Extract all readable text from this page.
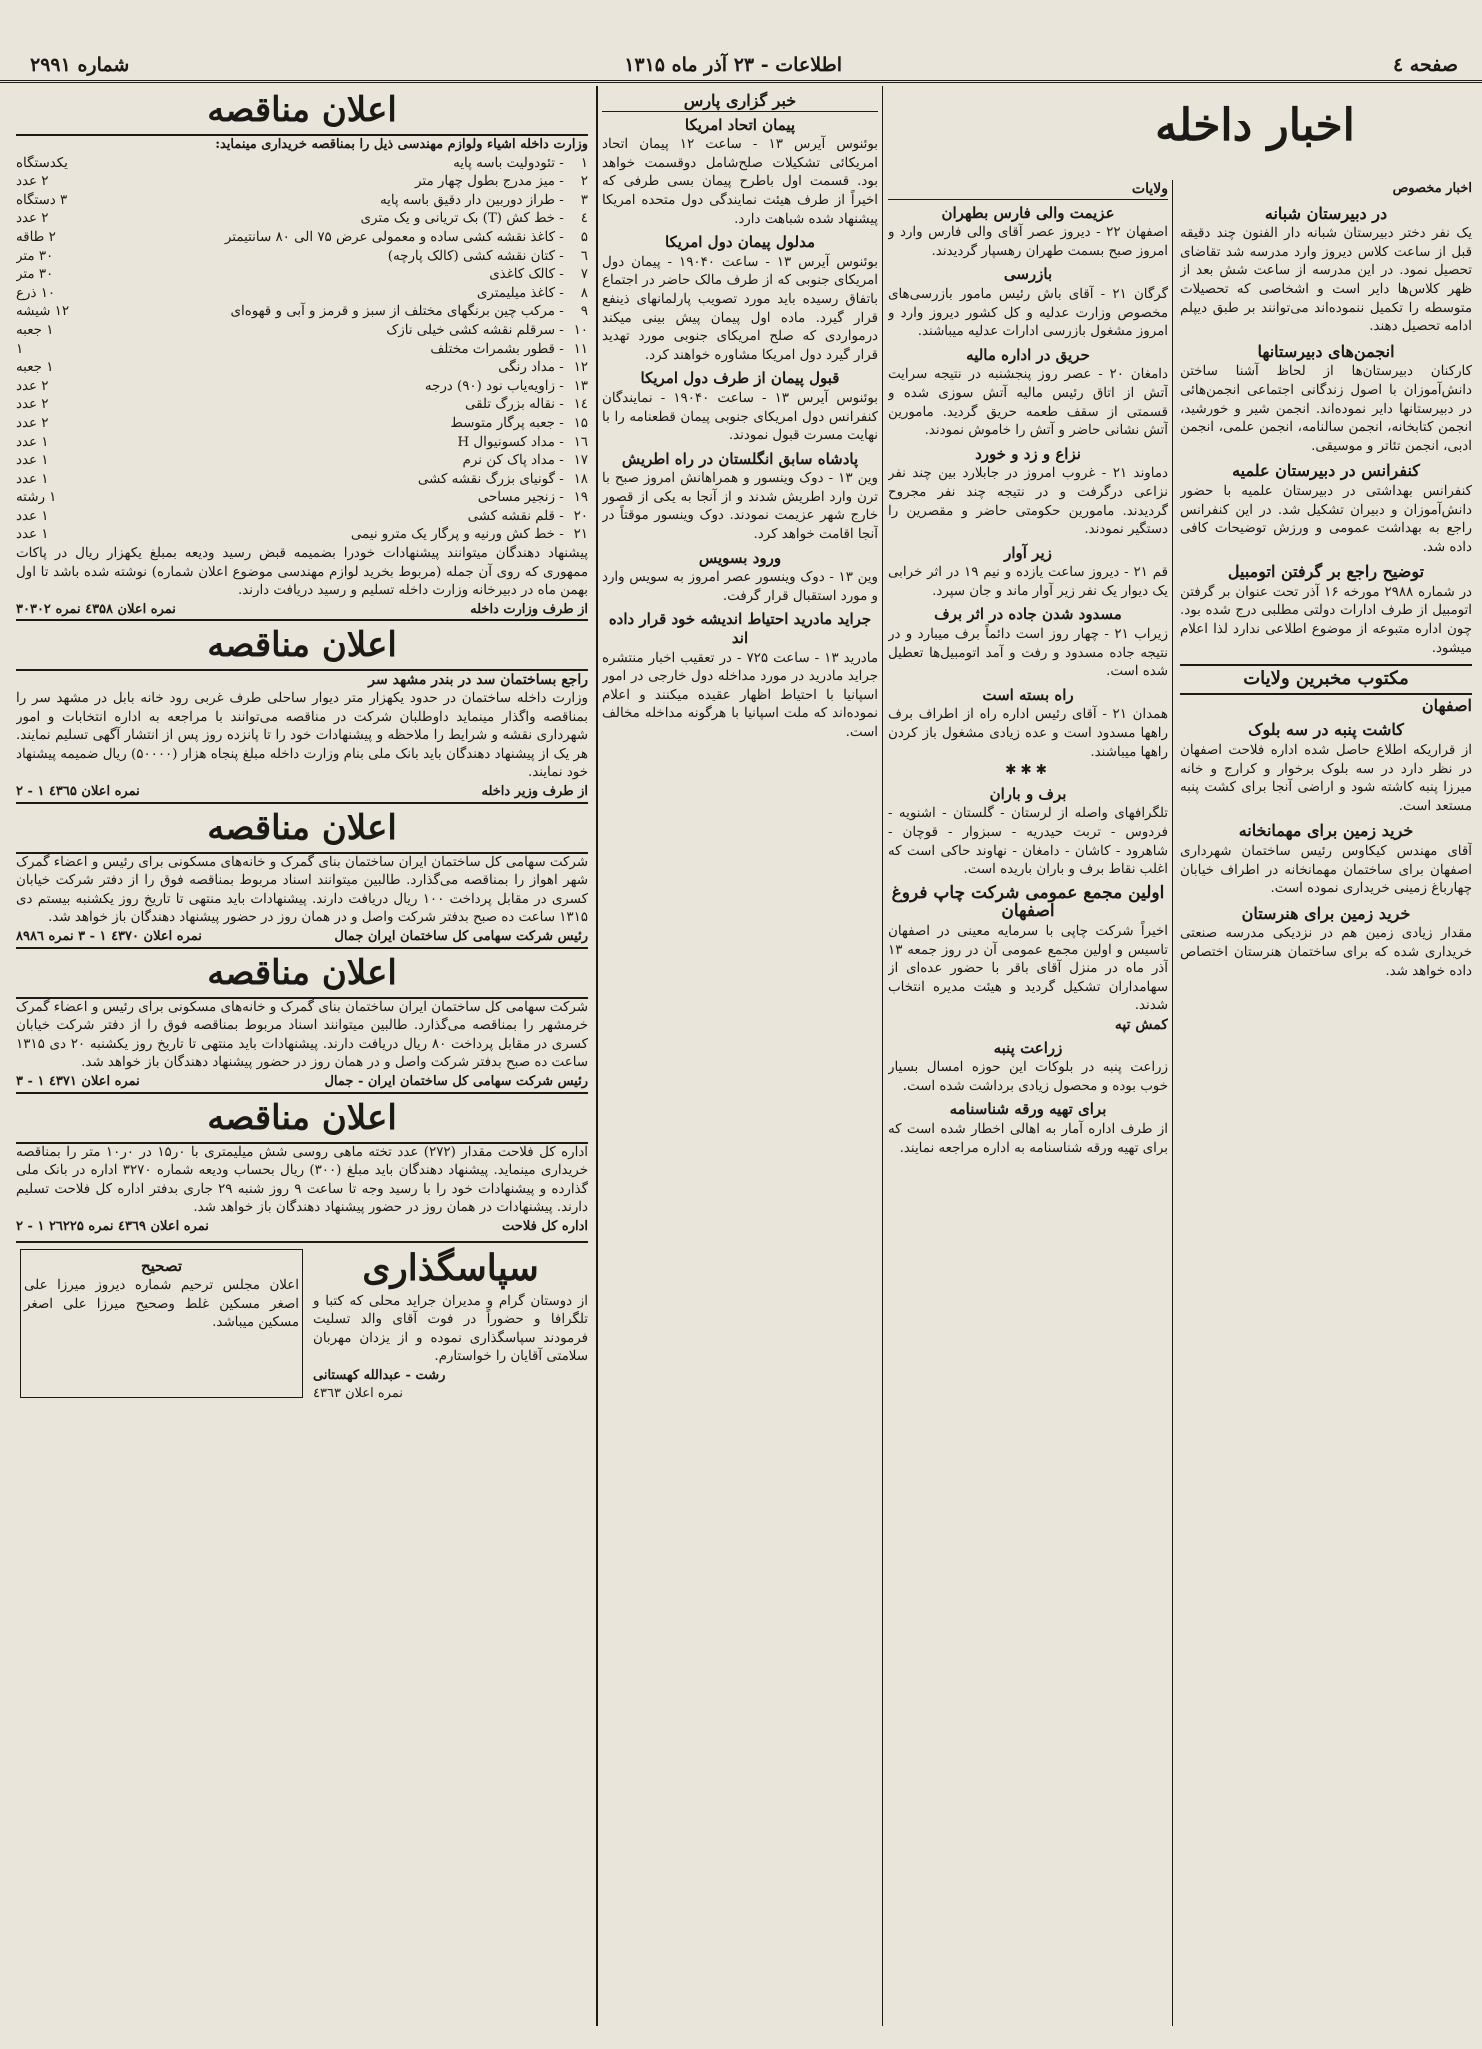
صفحه ٤
اطلاعات - ۲۳ آذر ماه ۱۳۱۵
شماره ۲۹۹۱
اخبار داخله
اخبار مخصوص
در دبیرستان شبانه
یک نفر دختر دبیرستان شبانه دار الفنون چند دقیقه قبل از ساعت کلاس دیروز وارد مدرسه شد تقاضای تحصیل نمود. در این مدرسه از ساعت شش بعد از ظهر کلاس‌ها دایر است و اشخاصی که تحصیلات متوسطه را تکمیل ننموده‌اند می‌توانند بر طبق دیپلم ادامه تحصیل دهند.
انجمن‌های دبیرستانها
کارکنان دبیرستان‌ها از لحاظ آشنا ساختن دانش‌آموزان با اصول زندگانی اجتماعی انجمن‌هائی در دبیرستانها دایر نموده‌اند. انجمن شیر و خورشید، انجمن کتابخانه، انجمن سالنامه، انجمن علمی، انجمن ادبی، انجمن تئاتر و موسیقی.
کنفرانس در دبیرستان علمیه
کنفرانس بهداشتی در دبیرستان علمیه با حضور دانش‌آموزان و دبیران تشکیل شد. در این کنفرانس راجع به بهداشت عمومی و ورزش توضیحات کافی داده شد.
توضیح راجع بر گرفتن اتومبیل
در شماره ۲۹۸۸ مورخه ۱۶ آذر تحت عنوان بر گرفتن اتومبیل از طرف ادارات دولتی مطلبی درج شده بود. چون اداره متبوعه از موضوع اطلاعی ندارد لذا اعلام میشود.
مکتوب مخبرین ولایات
اصفهان
کاشت پنبه در سه بلوک
از قراریکه اطلاع حاصل شده اداره فلاحت اصفهان در نظر دارد در سه بلوک برخوار و کرارج و خانه میرزا پنبه کاشته شود و اراضی آنجا برای کشت پنبه مستعد است.
خرید زمین برای مهمانخانه
آقای مهندس کیکاوس رئیس ساختمان شهرداری اصفهان برای ساختمان مهمانخانه در اطراف خیابان چهارباغ زمینی خریداری نموده است.
خرید زمین برای هنرستان
مقدار زیادی زمین هم در نزدیکی مدرسه صنعتی خریداری شده که برای ساختمان هنرستان اختصاص داده خواهد شد.
ولایات
عزیمت والی فارس بطهران
اصفهان ۲۲ - دیروز عصر آقای والی فارس وارد و امروز صبح بسمت طهران رهسپار گردیدند.
بازرسی
گرگان ۲۱ - آقای باش رئیس مامور بازرسی‌های مخصوص وزارت عدلیه و کل کشور دیروز وارد و امروز مشغول بازرسی ادارات عدلیه میباشند.
حریق در اداره مالیه
دامغان ۲۰ - عصر روز پنجشنبه در نتیجه سرایت آتش از اتاق رئیس مالیه آتش سوزی شده و قسمتی از سقف طعمه حریق گردید. مامورین آتش نشانی حاضر و آتش را خاموش نمودند.
نزاع و زد و خورد
دماوند ۲۱ - غروب امروز در جابلارد بین چند نفر نزاعی درگرفت و در نتیجه چند نفر مجروح گردیدند. مامورین حکومتی حاضر و مقصرین را دستگیر نمودند.
زیر آوار
قم ۲۱ - دیروز ساعت یازده و نیم ۱۹ در اثر خرابی یک دیوار یک نفر زیر آوار ماند و جان سپرد.
مسدود شدن جاده در اثر برف
زیراب ۲۱ - چهار روز است دائماً برف میبارد و در نتیجه جاده مسدود و رفت و آمد اتومبیل‌ها تعطیل شده است.
راه بسته است
همدان ۲۱ - آقای رئیس اداره راه از اطراف برف راهها مسدود است و عده زیادی مشغول باز کردن راهها میباشند.
✱✱✱
برف و باران
تلگرافهای واصله از لرستان - گلستان - اشنویه - فردوس - تربت حیدریه - سبزوار - قوچان - شاهرود - کاشان - دامغان - نهاوند حاکی است که اغلب نقاط برف و باران باریده است.
اولین مجمع عمومی شرکت چاپ فروغ اصفهان
اخیراً شرکت چاپی با سرمایه معینی در اصفهان تاسیس و اولین مجمع عمومی آن در روز جمعه ۱۳ آذر ماه در منزل آقای باقر با حضور عده‌ای از سهامداران تشکیل گردید و هیئت مدیره انتخاب شدند.
کمش تپه
زراعت پنبه
زراعت پنبه در بلوکات این حوزه امسال بسیار خوب بوده و محصول زیادی برداشت شده است.
برای تهیه ورقه شناسنامه
از طرف اداره آمار به اهالی اخطار شده است که برای تهیه ورقه شناسنامه به اداره مراجعه نمایند.
خبر گزاری پارس
پیمان اتحاد امریکا
بوئنوس آیرس ۱۳ - ساعت ۱۲ پیمان اتحاد امریکائی تشکیلات صلح‌شامل دوقسمت خواهد بود. قسمت اول باطرح پیمان بسی طرفی که اخیراً از طرف هیئت نمایندگی دول متحده امریکا پیشنهاد شده شباهت دارد.
مدلول پیمان دول امریکا
بوئنوس آیرس ۱۳ - ساعت ۱۹۰۴۰ - پیمان دول امریکای جنوبی که از طرف مالک حاضر در اجتماع باتفاق رسیده باید مورد تصویب پارلمانهای ذینفع قرار گیرد. ماده اول پیمان پیش بینی میکند درمواردی که صلح امریکای جنوبی مورد تهدید قرار گیرد دول امریکا مشاوره خواهند کرد.
قبول پیمان از طرف دول امریکا
بوئنوس آیرس ۱۳ - ساعت ۱۹۰۴۰ - نمایندگان کنفرانس دول امریکای جنوبی پیمان قطعنامه را با نهایت مسرت قبول نمودند.
پادشاه سابق انگلستان در راه اطریش
وین ۱۳ - دوک وینسور و همراهانش امروز صبح با ترن وارد اطریش شدند و از آنجا به یکی از قصور خارج شهر عزیمت نمودند. دوک وینسور موقتاً در آنجا اقامت خواهد کرد.
ورود بسویس
وین ۱۳ - دوک وینسور عصر امروز به سویس وارد و مورد استقبال قرار گرفت.
جراید مادرید احتیاط اندیشه خود قرار داده اند
مادرید ۱۳ - ساعت ۷۲۵ - در تعقیب اخبار منتشره جراید مادرید در مورد مداخله دول خارجی در امور اسپانیا با احتیاط اظهار عقیده میکنند و اعلام نموده‌اند که ملت اسپانیا با هرگونه مداخله مخالف است.
اعلان مناقصه
وزارت داخله اشیاء ولوازم مهندسی ذیل را بمناقصه خریداری مینماید:
۱ - تئودولیت باسه پایه
یکدستگاه
۲ - میز مدرج بطول چهار متر
۲ عدد
۳ - طراز دوربین دار دقیق باسه پایه
۳ دستگاه
٤ - خط کش (T) بک تریانی و یک متری
۲ عدد
۵ - کاغذ نقشه کشی ساده و معمولی عرض ۷۵ الی ۸۰ سانتیمتر
۲ طاقه
٦ - کتان نقشه کشی (کالک پارچه)
۳۰ متر
۷ - کالک کاغذی
۳۰ متر
۸ - کاغذ میلیمتری
۱۰ ذرع
۹ - مرکب چین برنگهای مختلف از سبز و قرمز و آبی و قهوه‌ای
۱۲ شیشه
۱۰ - سرقلم نقشه کشی خیلی نازک
۱ جعبه
۱۱ - قطور بشمرات مختلف
۱
۱۲ - مداد رنگی
۱ جعبه
۱۳ - زاویه‌یاب نود (۹۰) درجه
۲ عدد
۱٤ - نقاله بزرگ تلقی
۲ عدد
۱۵ - جعبه پرگار متوسط
۲ عدد
۱٦ - مداد کسونیوال H
۱ عدد
۱۷ - مداد پاک کن نرم
۱ عدد
۱۸ - گونیای بزرگ نقشه کشی
۱ عدد
۱۹ - زنجیر مساحی
۱ رشته
۲۰ - قلم نقشه کشی
۱ عدد
۲۱ - خط کش ورنیه و پرگار یک مترو نیمی
۱ عدد
پیشنهاد دهندگان میتوانند پیشنهادات خودرا بضمیمه قبض رسید ودیعه بمبلغ یکهزار ریال در پاکات ممهوری که روی آن جمله (مربوط بخرید لوازم مهندسی موضوع اعلان شماره) نوشته شده باشد تا اول بهمن ماه در دبیرخانه وزارت داخله تسلیم و رسید دریافت دارند.
از طرف وزارت داخله
نمره اعلان ٤۳۵۸ نمره ۳۰۳۰۲
اعلان مناقصه
راجع بساختمان سد در بندر مشهد سر
وزارت داخله ساختمان در حدود یکهزار متر دیوار ساحلی طرف غربی رود خانه بابل در مشهد سر را بمناقصه واگذار مینماید داوطلبان شرکت در مناقصه می‌توانند با مراجعه به اداره انتخابات و امور شهرداری نقشه و شرایط را ملاحظه و پیشنهادات خود را تا پانزده روز پس از انتشار آگهی تسلیم نمایند. هر یک از پیشنهاد دهندگان باید بانک ملی بنام وزارت داخله مبلغ پنجاه هزار (۵۰۰۰۰) ریال ضمیمه پیشنهاد خود نمایند.
از طرف وزیر داخله
نمره اعلان ٤۳٦۵ ۱ - ۲
اعلان مناقصه
شرکت سهامی کل ساختمان ایران ساختمان بنای گمرک و خانه‌های مسکونی برای رئیس و اعضاء گمرک شهر اهواز را بمناقصه می‌گذارد. طالبین میتوانند اسناد مربوط بمناقصه فوق را از دفتر شرکت خیابان کسری در مقابل پرداخت ۱۰۰ ریال دریافت دارند. پیشنهادات باید منتهی تا تاریخ روز یکشنبه بیستم دی ۱۳۱۵ ساعت ده صبح بدفتر شرکت واصل و در همان روز در حضور پیشنهاد دهندگان باز خواهد شد.
رئیس شرکت سهامی کل ساختمان ایران جمال
نمره اعلان ٤۳۷۰ ۱ - ۳ نمره ۸۹۸٦
اعلان مناقصه
شرکت سهامی کل ساختمان ایران ساختمان بنای گمرک و خانه‌های مسکونی برای رئیس و اعضاء گمرک خرمشهر را بمناقصه می‌گذارد. طالبین میتوانند اسناد مربوط بمناقصه فوق را از دفتر شرکت خیابان کسری در مقابل پرداخت ۸۰ ریال دریافت دارند. پیشنهادات باید منتهی تا تاریخ روز یکشنبه ۲۰ دی ۱۳۱۵ ساعت ده صبح بدفتر شرکت واصل و در همان روز در حضور پیشنهاد دهندگان باز خواهد شد.
رئیس شرکت سهامی کل ساختمان ایران - جمال
نمره اعلان ٤۳۷۱ ۱ - ۳
اعلان مناقصه
اداره کل فلاحت مقدار (۲۷۲) عدد تخته ماهی روسی شش میلیمتری با ۰ر۱۵ در ۰ر۱۰ متر را بمناقصه خریداری مینماید. پیشنهاد دهندگان باید مبلغ (۳۰۰) ریال بحساب ودیعه شماره ۳۲۷۰ اداره در بانک ملی گذارده و پیشنهادات خود را با رسید وجه تا ساعت ۹ روز شنبه ۲۹ جاری بدفتر اداره کل فلاحت تسلیم دارند. پیشنهادات در همان روز در حضور پیشنهاد دهندگان باز خواهد شد.
اداره کل فلاحت
نمره اعلان ٤۳٦۹ نمره ۲٦۲۲۵ ۱ - ۲
سپاسگذاری
از دوستان گرام و مدیران جراید محلی که کتبا و تلگرافا و حضوراً در فوت آقای والد تسلیت فرمودند سپاسگذاری نموده و از یزدان مهربان سلامتی آقایان را خواستارم.
رشت - عبدالله کهستانی
نمره اعلان ٤۳٦۳
تصحیح
اعلان مجلس ترحیم شماره دیروز میرزا علی اصغر مسکین غلط وصحیح میرزا علی اصغر مسکین میباشد.
